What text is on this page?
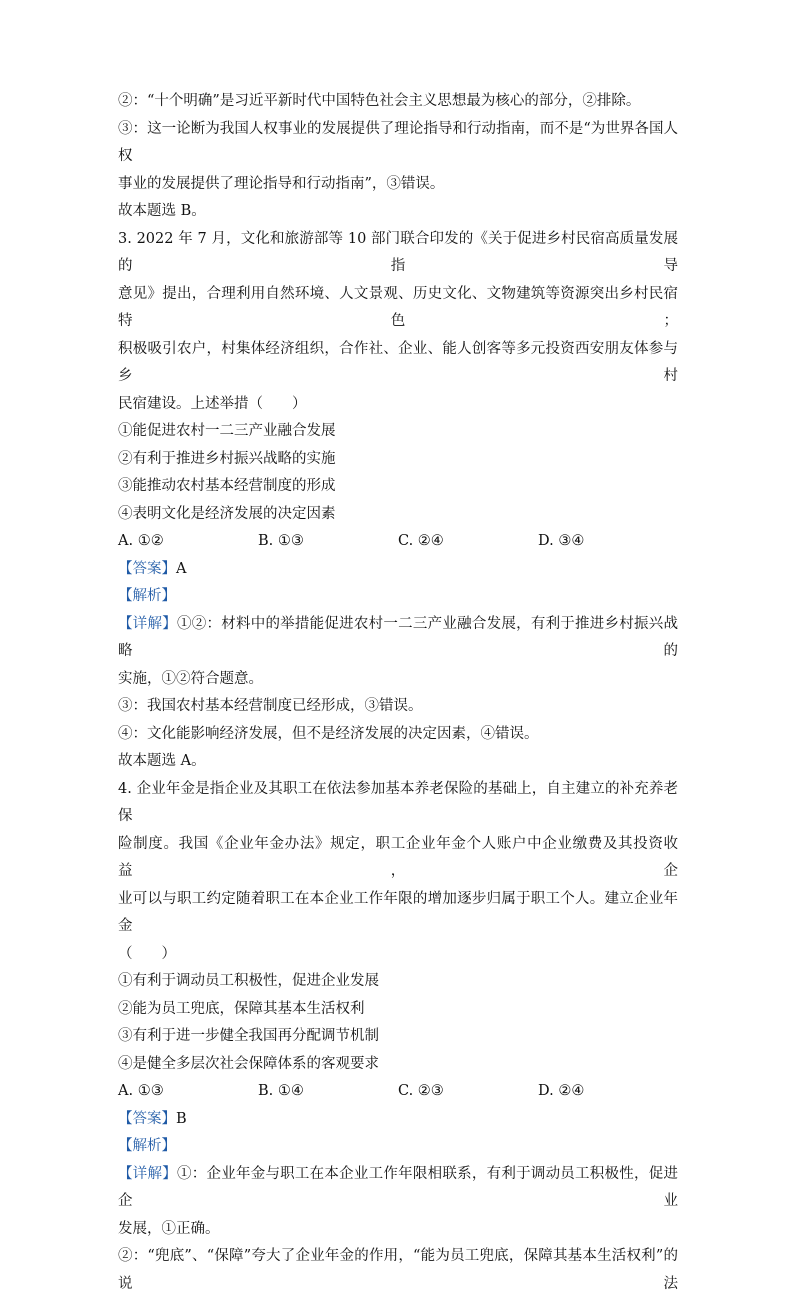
②：“十个明确”是习近平新时代中国特色社会主义思想最为核心的部分，②排除。
③：这一论断为我国人权事业的发展提供了理论指导和行动指南，而不是“为世界各国人权
事业的发展提供了理论指导和行动指南”，③错误。
故本题选 B。
3. 2022 年 7 月，文化和旅游部等 10 部门联合印发的《关于促进乡村民宿高质量发展的指导
意见》提出，合理利用自然环境、人文景观、历史文化、文物建筑等资源突出乡村民宿特色；
积极吸引农户，村集体经济组织，合作社、企业、能人创客等多元投资西安朋友体参与乡村
民宿建设。上述举措（　　）
①能促进农村一二三产业融合发展
②有利于推进乡村振兴战略的实施
③能推动农村基本经营制度的形成
④表明文化是经济发展的决定因素
A. ①②	B. ①③	C. ②④	D. ③④
【答案】A
【解析】
【详解】①②：材料中的举措能促进农村一二三产业融合发展，有利于推进乡村振兴战略的
实施，①②符合题意。
③：我国农村基本经营制度已经形成，③错误。
④：文化能影响经济发展，但不是经济发展的决定因素，④错误。
故本题选 A。
4. 企业年金是指企业及其职工在依法参加基本养老保险的基础上，自主建立的补充养老保
险制度。我国《企业年金办法》规定，职工企业年金个人账户中企业缴费及其投资收益，企
业可以与职工约定随着职工在本企业工作年限的增加逐步归属于职工个人。建立企业年金
（　　）
①有利于调动员工积极性，促进企业发展
②能为员工兜底，保障其基本生活权利
③有利于进一步健全我国再分配调节机制
④是健全多层次社会保障体系的客观要求
A. ①③	B. ①④	C. ②③	D. ②④
【答案】B
【解析】
【详解】①：企业年金与职工在本企业工作年限相联系，有利于调动员工积极性，促进企业
发展，①正确。
②：“兜底”、“保障”夸大了企业年金的作用，“能为员工兜底，保障其基本生活权利”的说法
